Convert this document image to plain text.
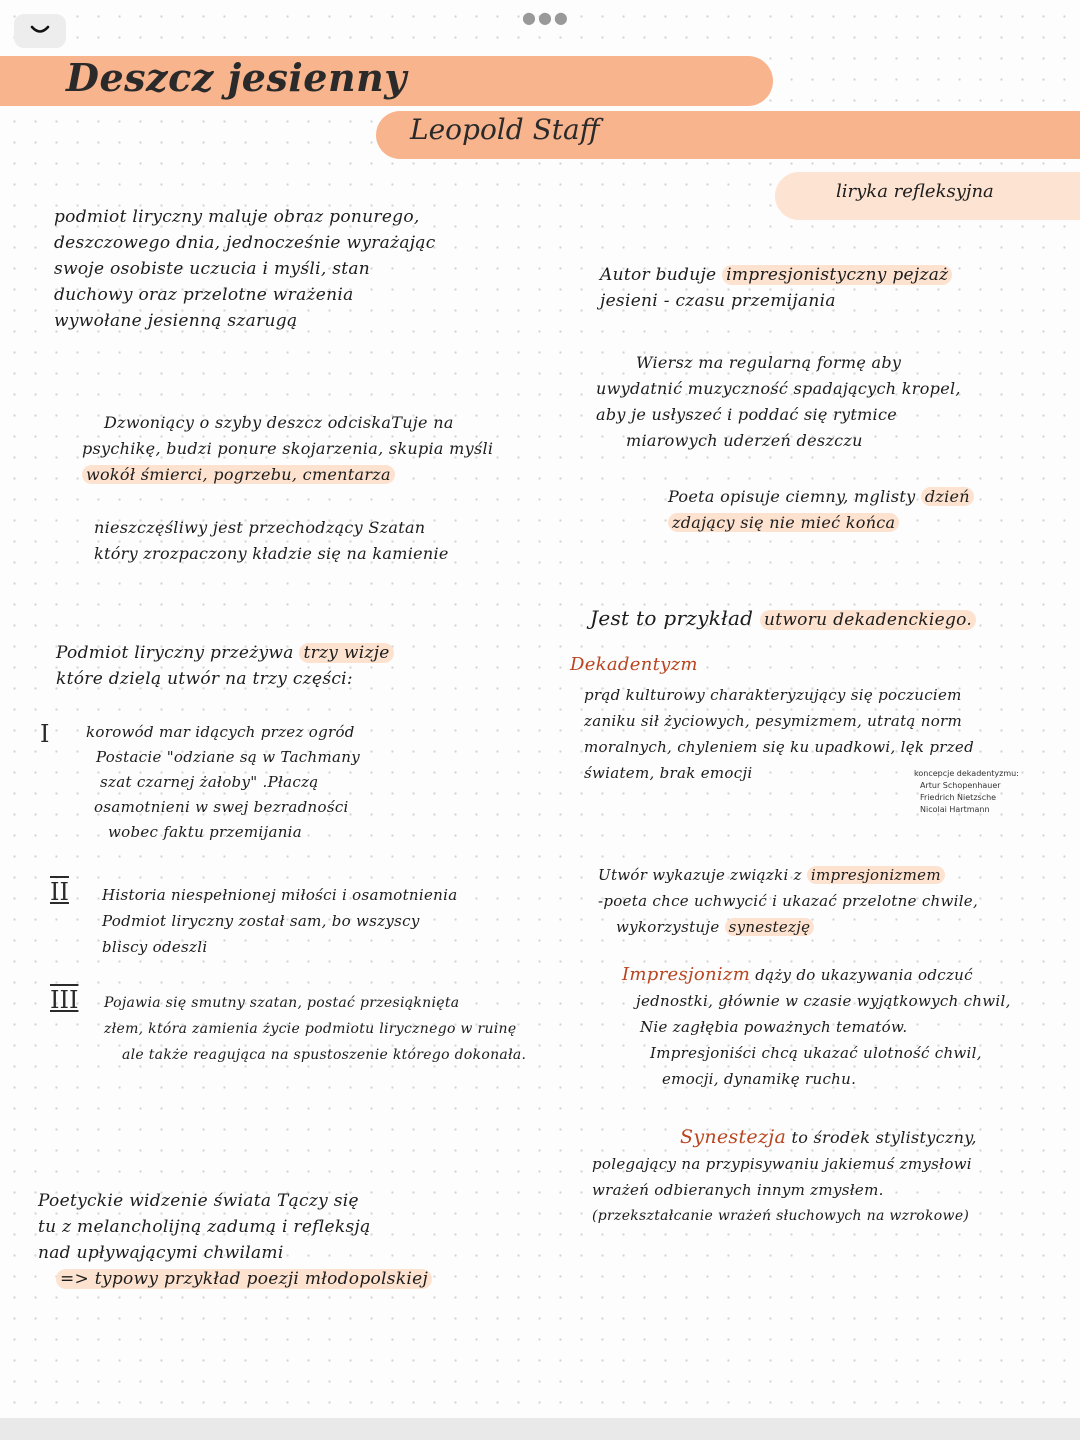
●●●
Deszcz jesienny
Leopold Staff
liryka refleksyjna
podmiot liryczny maluje obraz ponurego,
deszczowego dnia, jednocześnie wyrażając
swoje osobiste uczucia i myśli, stan
duchowy oraz przelotne wrażenia
wywołane jesienną szarugą
Dzwoniący o szyby deszcz odciskaTuje na
psychikę, budzi ponure skojarzenia, skupia myśli
wokół śmierci, pogrzebu, cmentarza
nieszczęśliwy jest przechodzący Szatan
który zrozpaczony kładzie się na kamienie
Podmiot liryczny przeżywa trzy wizje
które dzielą utwór na trzy części:
I korowód mar idących przez ogród
Postacie "odziane są w Tachmany
szat czarnej żałoby" .Płaczą
osamotnieni w swej bezradności
wobec faktu przemijania
II Historia niespełnionej miłości i osamotnienia
Podmiot liryczny został sam, bo wszyscy
bliscy odeszli
III Pojawia się smutny szatan, postać przesiąknięta
złem, która zamienia życie podmiotu lirycznego w ruinę
ale także reagująca na spustoszenie którego dokonała.
Poetyckie widzenie świata Tączy się
tu z melancholijną zadumą i refleksją
nad upływającymi chwilami
=> typowy przykład poezji młodopolskiej
Autor buduje impresjonistyczny pejzaż
jesieni - czasu przemijania
Wiersz ma regularną formę aby
uwydatnić muzyczność spadających kropel,
aby je usłyszeć i poddać się rytmice
miarowych uderzeń deszczu
Poeta opisuje ciemny, mglisty dzień
zdający się nie mieć końca
Jest to przykład utworu dekadenckiego.
Dekadentyzm
prąd kulturowy charakteryzujący się poczuciem
zaniku sił życiowych, pesymizmem, utratą norm
moralnych, chyleniem się ku upadkowi, lęk przed
światem, brak emocji	koncepcje dekadentyzmu:
Artur Schopenhauer
Friedrich Nietzsche
Nicolai Hartmann
Utwór wykazuje związki z impresjonizmem
-poeta chce uchwycić i ukazać przelotne chwile,
wykorzystuje synestezję
Impresjonizm dąży do ukazywania odczuć
jednostki, głównie w czasie wyjątkowych chwil,
Nie zagłębia poważnych tematów.
Impresjoniści chcą ukazać ulotność chwil,
emocji, dynamikę ruchu.
Synestezja to środek stylistyczny,
polegający na przypisywaniu jakiemuś zmysłowi
wrażeń odbieranych innym zmysłem.
(przekształcanie wrażeń słuchowych na wzrokowe)
